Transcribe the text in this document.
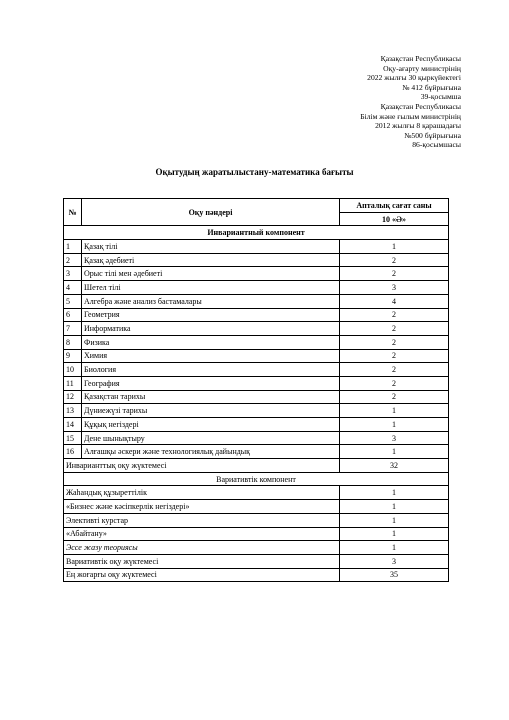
Қазақстан Республикасы
Оқу-ағарту министрінің
2022 жылғы 30 қыркүйектегі
№ 412 бұйрығына
39-қосымша
Қазақстан Республикасы
Білім және ғылым министрінің
2012 жылғы 8 қарашадағы
№500 бұйрығына
86-қосымшасы
Оқытудың жаратылыстану-математика бағыты
№	Оқу пәндері	Апталық сағат саны
		10 «Ә»
Инвариантный компонент		
1	Қазақ тілі	1
2	Қазақ әдебиеті	2
3	Орыс тілі мен әдебиеті	2
4	Шетел тілі	3
5	Алгебра және анализ бастамалары	4
6	Геометрия	2
7	Информатика	2
8	Физика	2
9	Химия	2
10	Биология	2
11	География	2
12	Қазақстан тарихы	2
13	Дүниежүзі тарихы	1
14	Құқық негіздері	1
15	Дене шынықтыру	3
16	Алғашқы әскери және технологиялық дайындық	1
Инварианттық оқу жүктемесі		32
Вариативтік компонент		
Жаһандық құзыреттілік		1
«Бизнес және кәсіпкерлік негіздері»		1
Элективті курстар		1
«Абайтану»		1
Эссе жазу теориясы		1
Вариативтік оқу жүктемесі		3
Ең жоғарғы оқу жүктемесі		35
